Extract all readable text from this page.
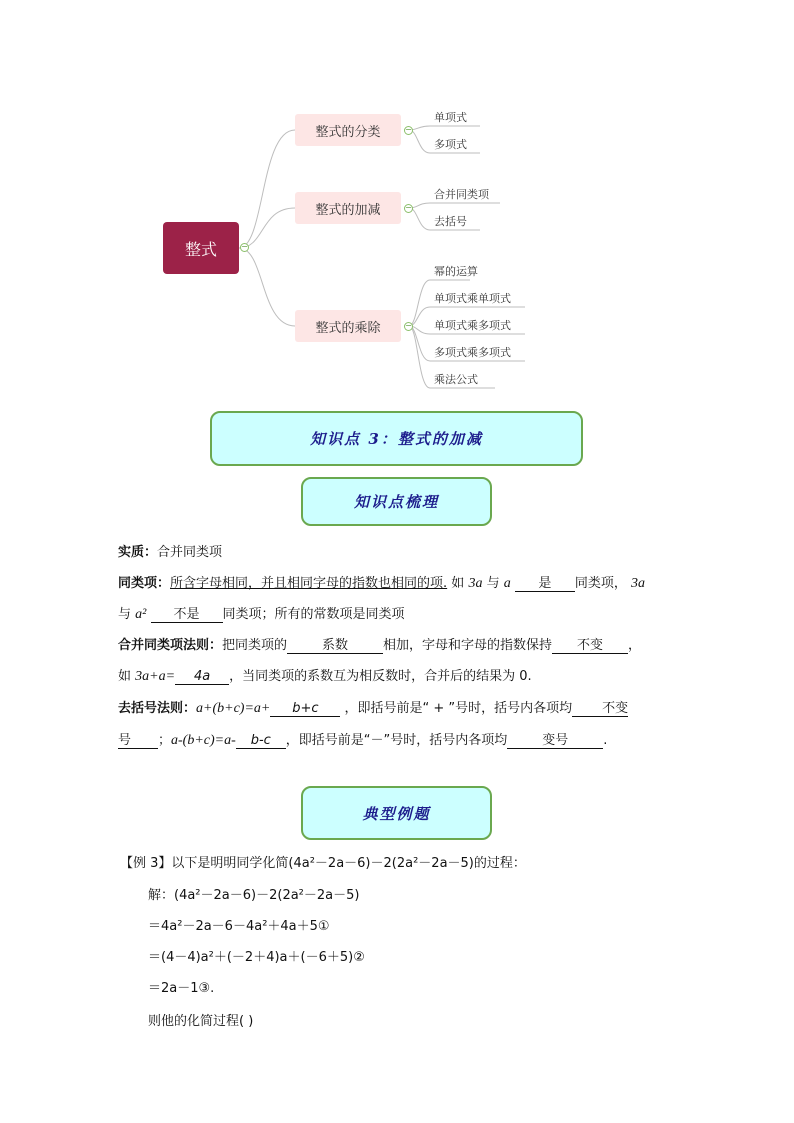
整式	−
整式的分类	−
整式的加减	−
整式的乘除	−
单项式
多项式
合并同类项
去括号
幂的运算
单项式乘单项式
单项式乘多项式
多项式乘多项式
乘法公式
知识点 3：整式的加减
知识点梳理
实质：合并同类项
同类项：所含字母相同，并且相同字母的指数也相同的项. 如 3a 与 a 是 同类项， 3a
与 a² 不是 同类项；所有的常数项是同类项
合并同类项法则：把同类项的	系数	相加，字母和字母的指数保持 不变 ，
如 3a+a= 4a ，当同类项的系数互为相反数时，合并后的结果为 0.
去括号法则：a+(b+c)=a+ b+c ，即括号前是“ + ”号时，括号内各项均 不变
号 ；a-(b+c)=a- b-c ，即括号前是“－”号时，括号内各项均	变号	.
典型例题
【例 3】以下是明明同学化简(4a²－2a－6)－2(2a²－2a－5)的过程：
解：(4a²－2a－6)－2(2a²－2a－5)
＝4a²－2a－6－4a²＋4a＋5①
＝(4－4)a²＋(－2＋4)a＋(－6＋5)②
＝2a－1③.
则他的化简过程( )
